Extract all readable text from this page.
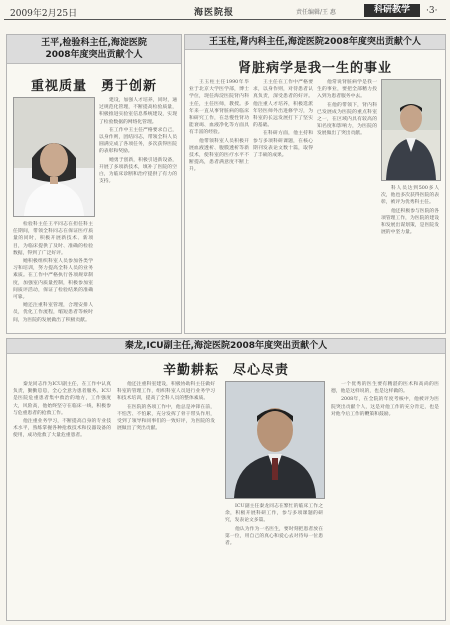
2009年2月25日	海医院报	责任编辑/王 惠	科研教学	·3·
王平,检验科主任,海淀医院
2008年度突出贡献个人
重视质量　勇于创新

检验科主任王平同志在担任科主任期间，带领全科同志在保证医疗质量的同时，积极开展新技术、新项目，为临床提供了及时、准确的检验数据，得到了广泛好评。

她积极组织科室人员参加各类学习和培训，努力提高全科人员的业务素质。在工作中严格执行各项规章制度，加强室内质量控制，积极参加室间质评活动，保证了检验结果的准确可靠。

她还注重科室管理，合理安排人员，优化工作流程，缩短患者等候时间，为医院的发展做出了积极贡献。

建设，加强人才培养，同时，通过规范化管理，不断提高检验质量，积极推进实验室信息系统建设，实现了检验数据的网络化管理。

在工作中王主任严格要求自己，以身作则，团结同志，带领全科人员圆满完成了各项任务，多次获得医院的表彰和奖励。

她勇于创新，积极引进新设备，开展了多项新技术，填补了医院的空白，为临床诊断和治疗提供了有力的支持。

王玉柱,肾内科主任,海淀医院2008年度突出贡献个人
肾脏病学是我一生的事业

王玉柱主任1990年毕业于北京大学医学部，博士学位，现任海淀医院肾内科主任，主任医师，教授。多年来一直从事肾脏病的临床和研究工作，在急慢性肾功能衰竭、血液净化等方面具有丰富的经验。

他带领科室人员积极开展血液透析、腹膜透析等新技术，使科室的医疗水平不断提高，患者满意度不断上升。

王主任在工作中严格要求，以身作则，对待患者认真负责，深受患者的好评。他注重人才培养，积极选派年轻医师外出进修学习，为科室的长远发展打下了坚实的基础。

在科研方面，他主持和参与多项科研课题，在核心期刊发表论文数十篇，取得了丰硕的成果。

他常说肾脏病学是我一生的事业，要把全部精力投入到为患者服务中去。

在他的带领下，肾内科已发展成为医院的重点科室之一，在区域内具有较高的知名度和影响力，为医院的发展做出了突出贡献。

科人员达到500多人次，他也多次获得医院的表彰，被评为优秀科主任。

他还积极参与医院的各项管理工作，为医院的建设和发展出谋划策，是医院发展的中坚力量。

秦龙,ICU副主任,海淀医院2008年度突出贡献个人
辛勤耕耘　尽心尽责

秦龙同志作为ICU副主任，在工作中认真负责，勤勤恳恳，全心全意为患者服务。ICU是医院危重患者集中救治的地方，工作强度大，风险高，他始终坚守在临床一线，积极参与危重患者的抢救工作。

他注重业务学习，不断提高自身的专业技术水平，熟练掌握各种抢救技术和仪器设备的使用，成功抢救了大量危重患者。

他还注重科室建设，积极协助科主任做好科室的管理工作，组织科室人员进行业务学习和技术培训，提高了全科人员的整体素质。

在医院的各项工作中，他总是冲锋在前，不怕苦、不怕累，充分发挥了骨干带头作用，受到了领导和同事们的一致好评，为医院的发展做出了突出贡献。

ICU副主任秦龙同志在繁忙的临床工作之余，积极开展科研工作，参与多项课题的研究，发表论文多篇。

他认为作为一名医生，要时刻把患者放在第一位，用自己的真心和爱心去对待每一位患者。

一个优秀的医生要有精湛的医术和高尚的医德，他是这样说的，也是这样做的。

2008年，在全院的年度考核中，他被评为医院突出贡献个人，这是对他工作的充分肯定，也是对他今后工作的鞭策和鼓励。
